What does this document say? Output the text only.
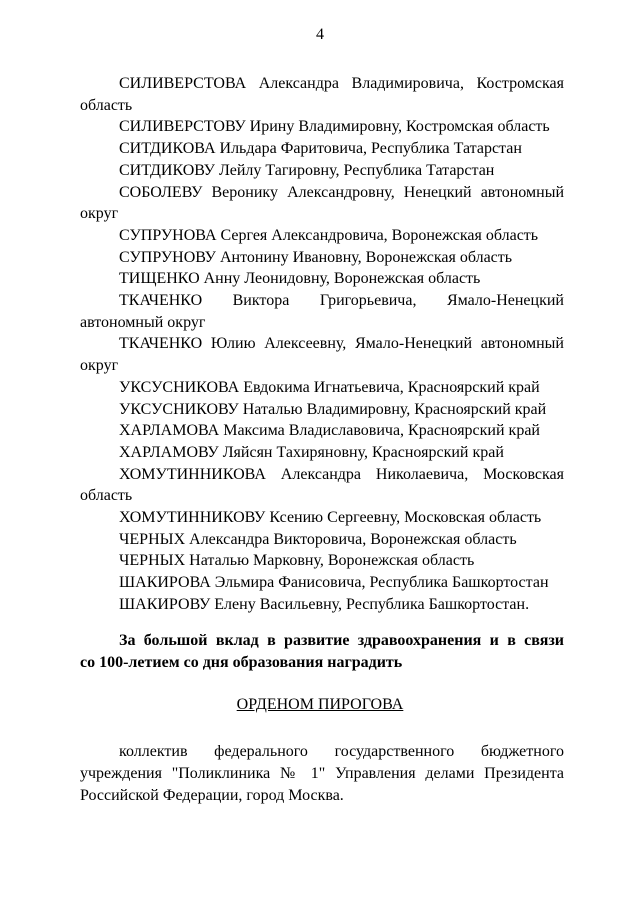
4
СИЛИВЕРСТОВА Александра Владимировича, Костромская
область
СИЛИВЕРСТОВУ Ирину Владимировну, Костромская область
СИТДИКОВА Ильдара Фаритовича, Республика Татарстан
СИТДИКОВУ Лейлу Тагировну, Республика Татарстан
СОБОЛЕВУ Веронику Александровну, Ненецкий автономный
округ
СУПРУНОВА Сергея Александровича, Воронежская область
СУПРУНОВУ Антонину Ивановну, Воронежская область
ТИЩЕНКО Анну Леонидовну, Воронежская область
ТКАЧЕНКО Виктора Григорьевича, Ямало-Ненецкий
автономный округ
ТКАЧЕНКО Юлию Алексеевну, Ямало-Ненецкий автономный
округ
УКСУСНИКОВА Евдокима Игнатьевича, Красноярский край
УКСУСНИКОВУ Наталью Владимировну, Красноярский край
ХАРЛАМОВА Максима Владиславовича, Красноярский край
ХАРЛАМОВУ Ляйсян Тахиряновну, Красноярский край
ХОМУТИННИКОВА Александра Николаевича, Московская
область
ХОМУТИННИКОВУ Ксению Сергеевну, Московская область
ЧЕРНЫХ Александра Викторовича, Воронежская область
ЧЕРНЫХ Наталью Марковну, Воронежская область
ШАКИРОВА Эльмира Фанисовича, Республика Башкортостан
ШАКИРОВУ Елену Васильевну, Республика Башкортостан.
За большой вклад в развитие здравоохранения и в связи
со 100-летием со дня образования наградить
ОРДЕНОМ ПИРОГОВА
коллектив федерального государственного бюджетного
учреждения "Поликлиника № 1" Управления делами Президента
Российской Федерации, город Москва.
